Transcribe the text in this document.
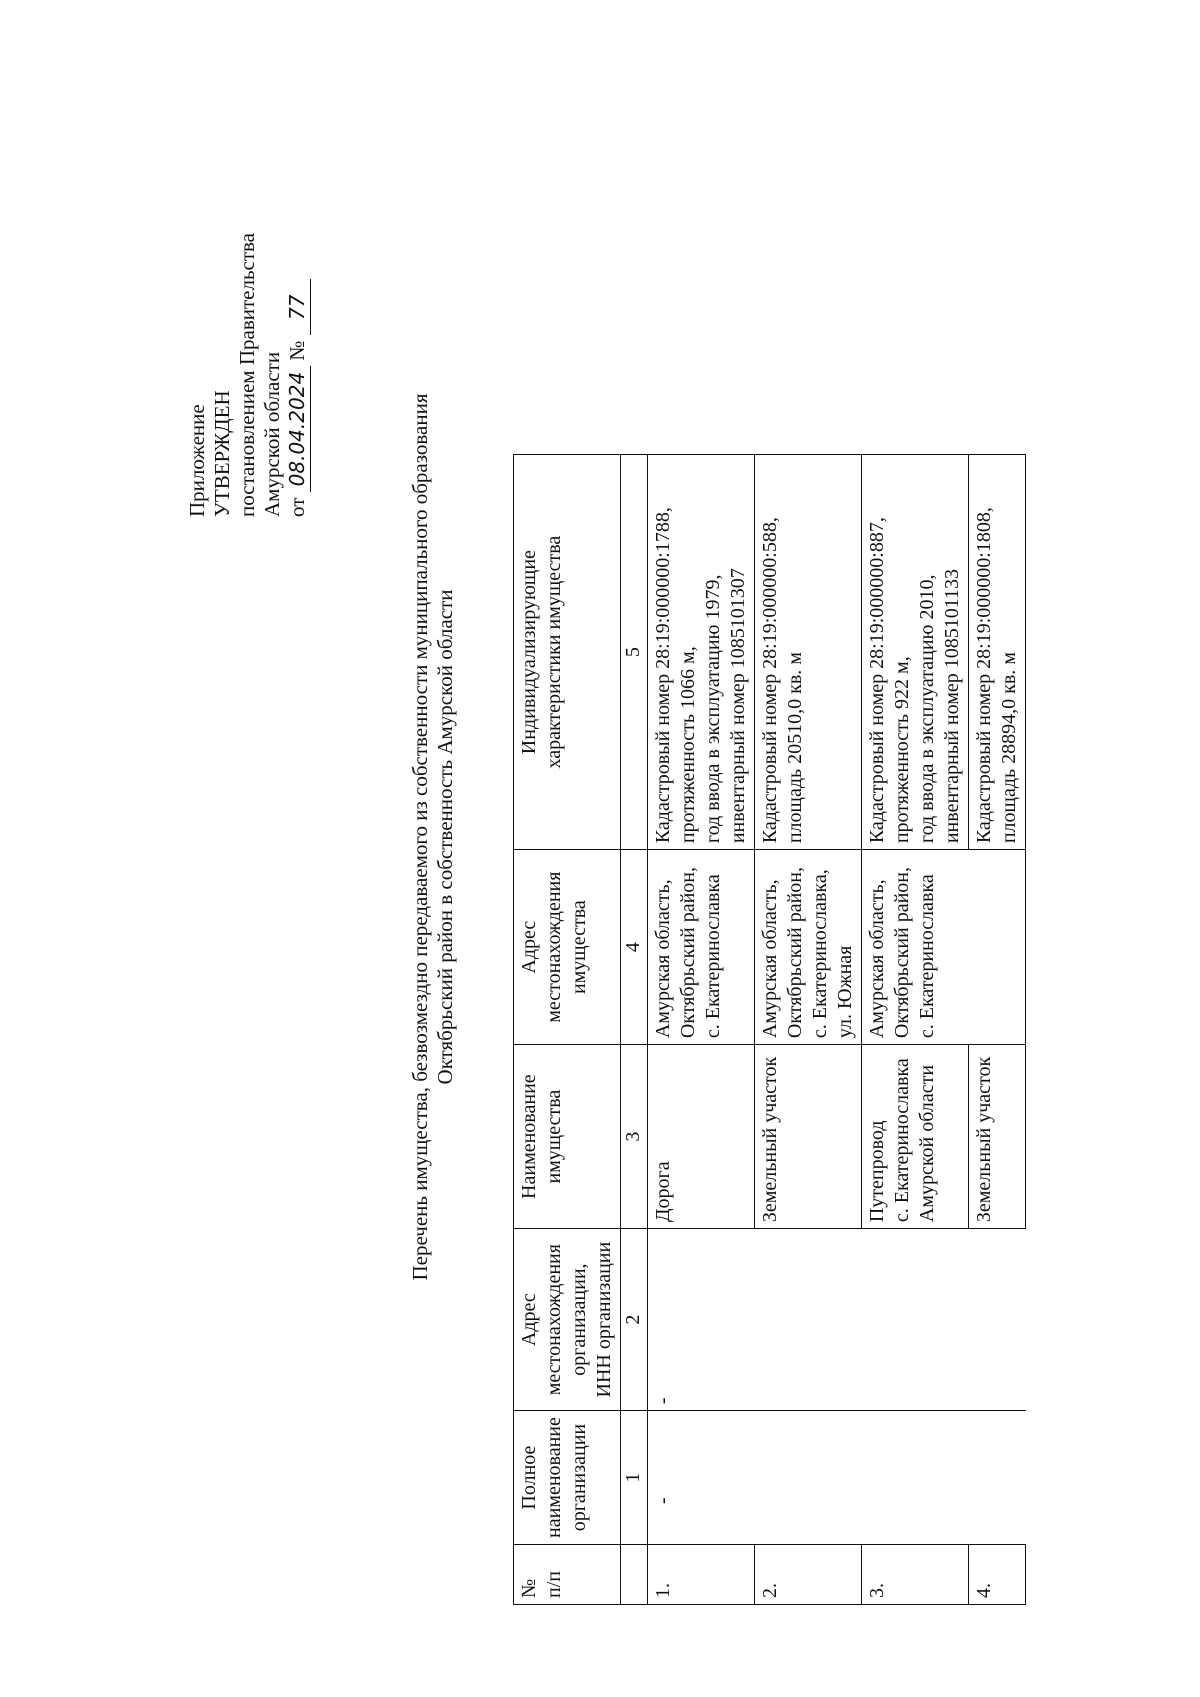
Приложение УТВЕРЖДЕН постановлением Правительства Амурской области от 08.04.2024 № 77
Перечень имущества, безвозмездно передаваемого из собственности муниципального образования Октябрьский район в собственность Амурской области
№ п/п	Полное наименование организации	Адрес местонахождения организации, ИНН организации	Наименование имущества	Адрес местонахождения имущества	Индивидуализирующие характеристики имущества

	1	2	3	4	5
1.	-	-	Дорога	Амурская область, Октябрьский район, с. Екатеринославка	Кадастровый номер 28:19:000000:1788, протяженность 1066 м, год ввода в эксплуатацию 1979, инвентарный номер 1085101307

2.			Земельный участок	Амурская область, Октябрьский район, с. Екатеринославка, ул. Южная	Кадастровый номер 28:19:000000:588, площадь 20510,0 кв. м

3.			Путепровод с. Екатеринославка Амурской области	Амурская область, Октябрьский район, с. Екатеринославка	Кадастровый номер 28:19:000000:887, протяженность 922 м, год ввода в эксплуатацию 2010, инвентарный номер 1085101133

4.			Земельный участок		Кадастровый номер 28:19:000000:1808, площадь 28894,0 кв. м
